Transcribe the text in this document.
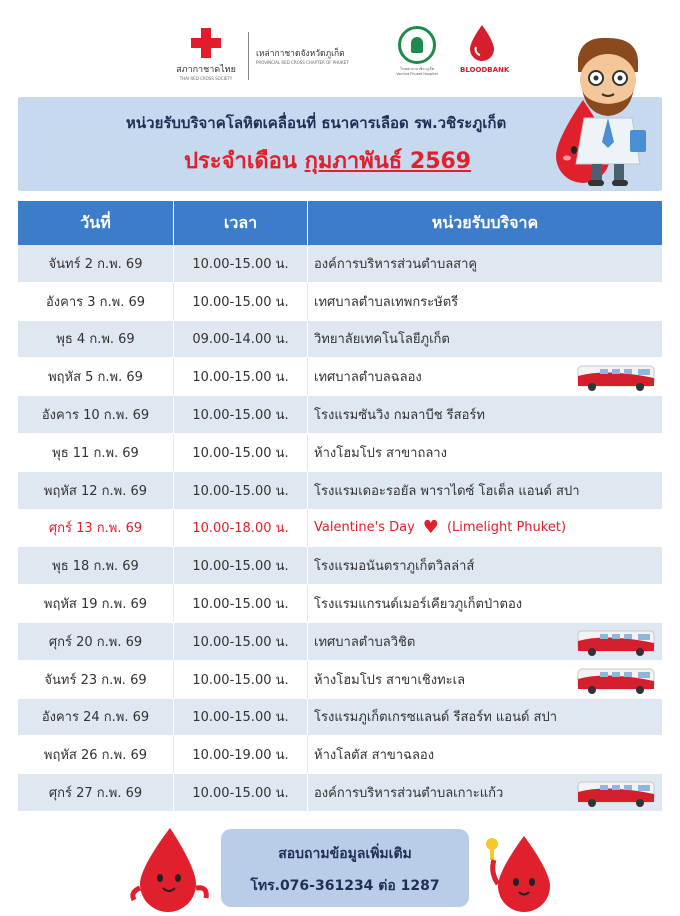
สภากาชาดไทย
THAI RED CROSS SOCIETY
เหล่ากาชาดจังหวัดภูเก็ต
PROVINCIAL RED CROSS CHAPTER OF PHUKET
โรงพยาบาลวชิระภูเก็ต
Vachira Phuket Hospital	BLOODBANK
หน่วยรับบริจาคโลหิตเคลื่อนที่ ธนาคารเลือด รพ.วชิระภูเก็ต
ประจำเดือน กุมภาพันธ์ 2569
วันที่	เวลา	หน่วยรับบริจาค
จันทร์ 2 ก.พ. 69	10.00-15.00 น.	องค์การบริหารส่วนตำบลสาคู
อังคาร 3 ก.พ. 69	10.00-15.00 น.	เทศบาลตำบลเทพกระษัตรี
พุธ 4 ก.พ. 69	09.00-14.00 น.	วิทยาลัยเทคโนโลยีภูเก็ต
พฤหัส 5 ก.พ. 69	10.00-15.00 น.	เทศบาลตำบลฉลอง
อังคาร 10 ก.พ. 69	10.00-15.00 น.	โรงแรมซันวิง กมลาบีช รีสอร์ท
พุธ 11 ก.พ. 69	10.00-15.00 น.	ห้างโฮมโปร สาขาถลาง
พฤหัส 12 ก.พ. 69	10.00-15.00 น.	โรงแรมเดอะรอยัล พาราไดซ์ โฮเต็ล แอนด์ สปา
ศุกร์ 13 ก.พ. 69	10.00-18.00 น.	Valentine's Day ♥ (Limelight Phuket)
พุธ 18 ก.พ. 69	10.00-15.00 น.	โรงแรมอนันตราภูเก็ตวิลล่าส์
พฤหัส 19 ก.พ. 69	10.00-15.00 น.	โรงแรมแกรนด์เมอร์เคียวภูเก็ตป่าตอง
ศุกร์ 20 ก.พ. 69	10.00-15.00 น.	เทศบาลตำบลวิชิต
จันทร์ 23 ก.พ. 69	10.00-15.00 น.	ห้างโฮมโปร สาขาเชิงทะเล
อังคาร 24 ก.พ. 69	10.00-15.00 น.	โรงแรมภูเก็ตเกรซแลนด์ รีสอร์ท แอนด์ สปา
พฤหัส 26 ก.พ. 69	10.00-19.00 น.	ห้างโลตัส สาขาฉลอง
ศุกร์ 27 ก.พ. 69	10.00-15.00 น.	องค์การบริหารส่วนตำบลเกาะแก้ว
สอบถามข้อมูลเพิ่มเติม
โทร.076-361234 ต่อ 1287
